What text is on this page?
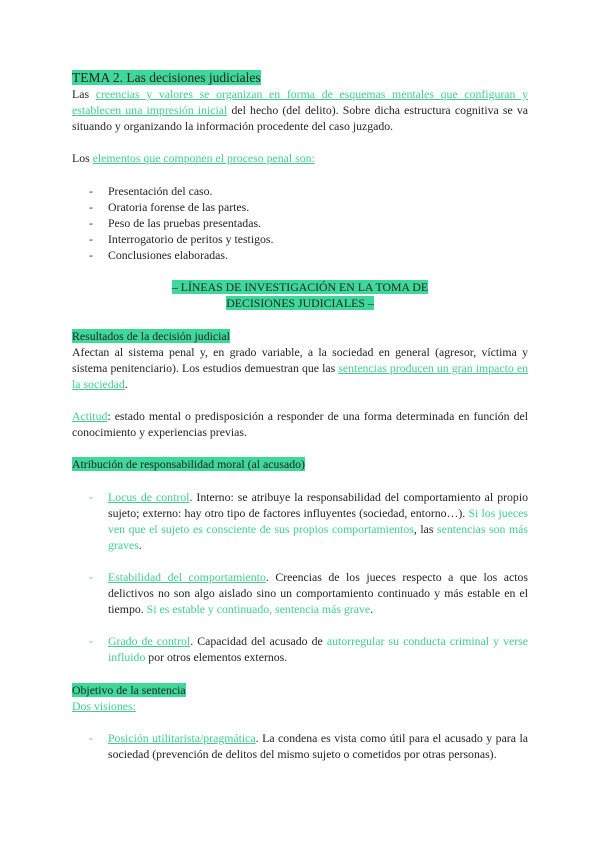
TEMA 2. Las decisiones judiciales

Las creencias y valores se organizan en forma de esquemas mentales que configuran y establecen una impresión inicial del hecho (del delito). Sobre dicha estructura cognitiva se va situando y organizando la información procedente del caso juzgado.

Los elementos que componen el proceso penal son:

- Presentación del caso.
- Oratoria forense de las partes.
- Peso de las pruebas presentadas.
- Interrogatorio de peritos y testigos.
- Conclusiones elaboradas.

– LÍNEAS DE INVESTIGACIÓN EN LA TOMA DE
DECISIONES JUDICIALES –

Resultados de la decisión judicial

Afectan al sistema penal y, en grado variable, a la sociedad en general (agresor, víctima y sistema penitenciario). Los estudios demuestran que las sentencias producen un gran impacto en la sociedad.

Actitud: estado mental o predisposición a responder de una forma determinada en función del conocimiento y experiencias previas.

Atribución de responsabilidad moral (al acusado)

- Locus de control. Interno: se atribuye la responsabilidad del comportamiento al propio sujeto; externo: hay otro tipo de factores influyentes (sociedad, entorno…). Si los jueces ven que el sujeto es consciente de sus propios comportamientos, las sentencias son más graves.
- Estabilidad del comportamiento. Creencias de los jueces respecto a que los actos delictivos no son algo aislado sino un comportamiento continuado y más estable en el tiempo. Si es estable y continuado, sentencia más grave.
- Grado de control. Capacidad del acusado de autorregular su conducta criminal y verse influido por otros elementos externos.

Objetivo de la sentencia

Dos visiones:

- Posición utilitarista/pragmática. La condena es vista como útil para el acusado y para la sociedad (prevención de delitos del mismo sujeto o cometidos por otras personas).
